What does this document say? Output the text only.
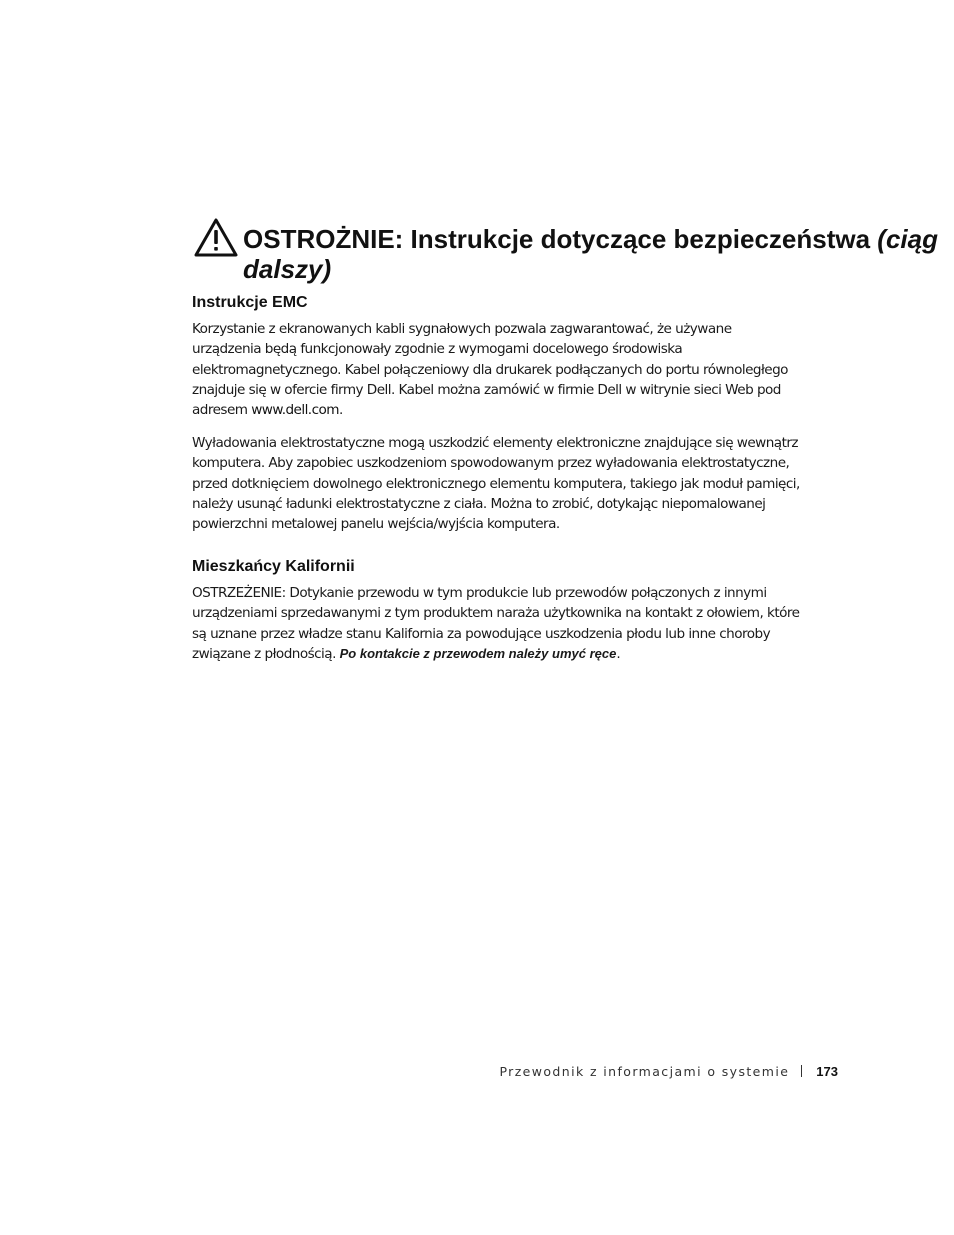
OSTROŻNIE: Instrukcje dotyczące bezpieczeństwa (ciąg dalszy)
Instrukcje EMC

Korzystanie z ekranowanych kabli sygnałowych pozwala zagwarantować, że używane urządzenia będą funkcjonowały zgodnie z wymogami docelowego środowiska elektromagnetycznego. Kabel połączeniowy dla drukarek podłączanych do portu równoległego znajduje się w ofercie firmy Dell. Kabel można zamówić w firmie Dell w witrynie sieci Web pod adresem www.dell.com.

Wyładowania elektrostatyczne mogą uszkodzić elementy elektroniczne znajdujące się wewnątrz komputera. Aby zapobiec uszkodzeniom spowodowanym przez wyładowania elektrostatyczne, przed dotknięciem dowolnego elektronicznego elementu komputera, takiego jak moduł pamięci, należy usunąć ładunki elektrostatyczne z ciała. Można to zrobić, dotykając niepomalowanej powierzchni metalowej panelu wejścia/wyjścia komputera.

Mieszkańcy Kalifornii

OSTRZEŻENIE: Dotykanie przewodu w tym produkcie lub przewodów połączonych z innymi urządzeniami sprzedawanymi z tym produktem naraża użytkownika na kontakt z ołowiem, które są uznane przez władze stanu Kalifornia za powodujące uszkodzenia płodu lub inne choroby związane z płodnością. Po kontakcie z przewodem należy umyć ręce.

Przewodnik z informacjami o systemie 173
